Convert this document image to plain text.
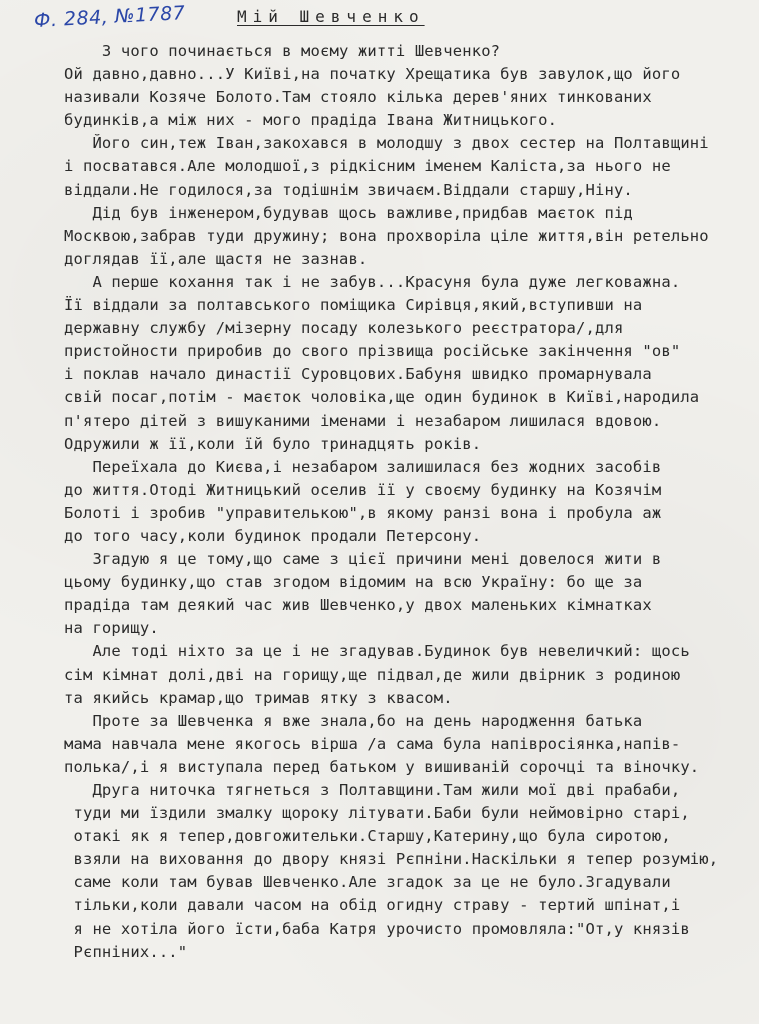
Ф. 284, №1787	Мій Шевченко
З чого починається в моєму житті Шевченко?
Ой давно,давно...У Київі,на початку Хрещатика був завулок,що його
називали Козяче Болото.Там стояло кілька дерев'яних тинкованих
будинків,а між них - мого прадіда Івана Житницького.
Його син,теж Іван,закохався в молодшу з двох сестер на Полтавщині
і посватався.Але молодшої,з рідкісним іменем Калістa,за нього не
віддали.Не годилося,за тодішнім звичаєм.Віддали старшу,Ніну.
Дід був інженером,будував щось важливе,придбав маєток під
Москвою,забрав туди дружину; вона прохворіла ціле життя,він ретельно
доглядав її,але щастя не зазнав.
А перше кохання так і не забув...Красуня була дуже легковажна.
Її віддали за полтавського поміщика Сирівця,який,вступивши на
державну службу /мізерну посаду колезького реєстратора/,для
пристойности приробив до свого прізвища російське закінчення "ов"
і поклав начало династії Суровцових.Бабуня швидко промарнувала
свій посаг,потім - маєток чоловіка,ще один будинок в Київі,народила
п'ятеро дітей з вишуканими іменами і незабаром лишилася вдовою.
Одружили ж її,коли їй було тринадцять років.
Переїхала до Києва,і незабаром залишилася без жодних засобів
до життя.Отоді Житницький оселив її у своєму будинку на Козячім
Болоті і зробив "управителькою",в якому ранзі вона і пробула аж
до того часу,коли будинок продали Петерсону.
Згадую я це тому,що саме з цієї причини мені довелося жити в
цьому будинку,що став згодом відомим на всю Україну: бо ще за
прадіда там деякий час жив Шевченко,у двох маленьких кімнатках
на горищу.
Але тоді ніхто за це і не згадував.Будинок був невеличкий: щось
сім кімнат долі,дві на горищу,ще підвал,де жили двірник з родиною
та якийсь крамар,що тримав ятку з квасом.
Проте за Шевченка я вже знала,бо на день народження батька
мама навчала мене якогось вірша /а сама була напівросіянка,напів-
полька/,і я виступала перед батьком у вишиваній сорочці та віночку.
Друга ниточка тягнеться з Полтавщини.Там жили мої дві прабаби,
туди ми їздили змалку щороку літувати.Баби були неймовірно старі,
отакі як я тепер,довгожительки.Старшу,Катерину,що була сиротою,
взяли на виховання до двору князі Рєпніни.Наскільки я тепер розумію,
саме коли там бував Шевченко.Але згадок за це не було.Згадували
тільки,коли давали часом на обід огидну страву - тертий шпінат,і
я не хотіла його їсти,баба Катря урочисто промовляла:"От,у князів
Рєпніних..."
